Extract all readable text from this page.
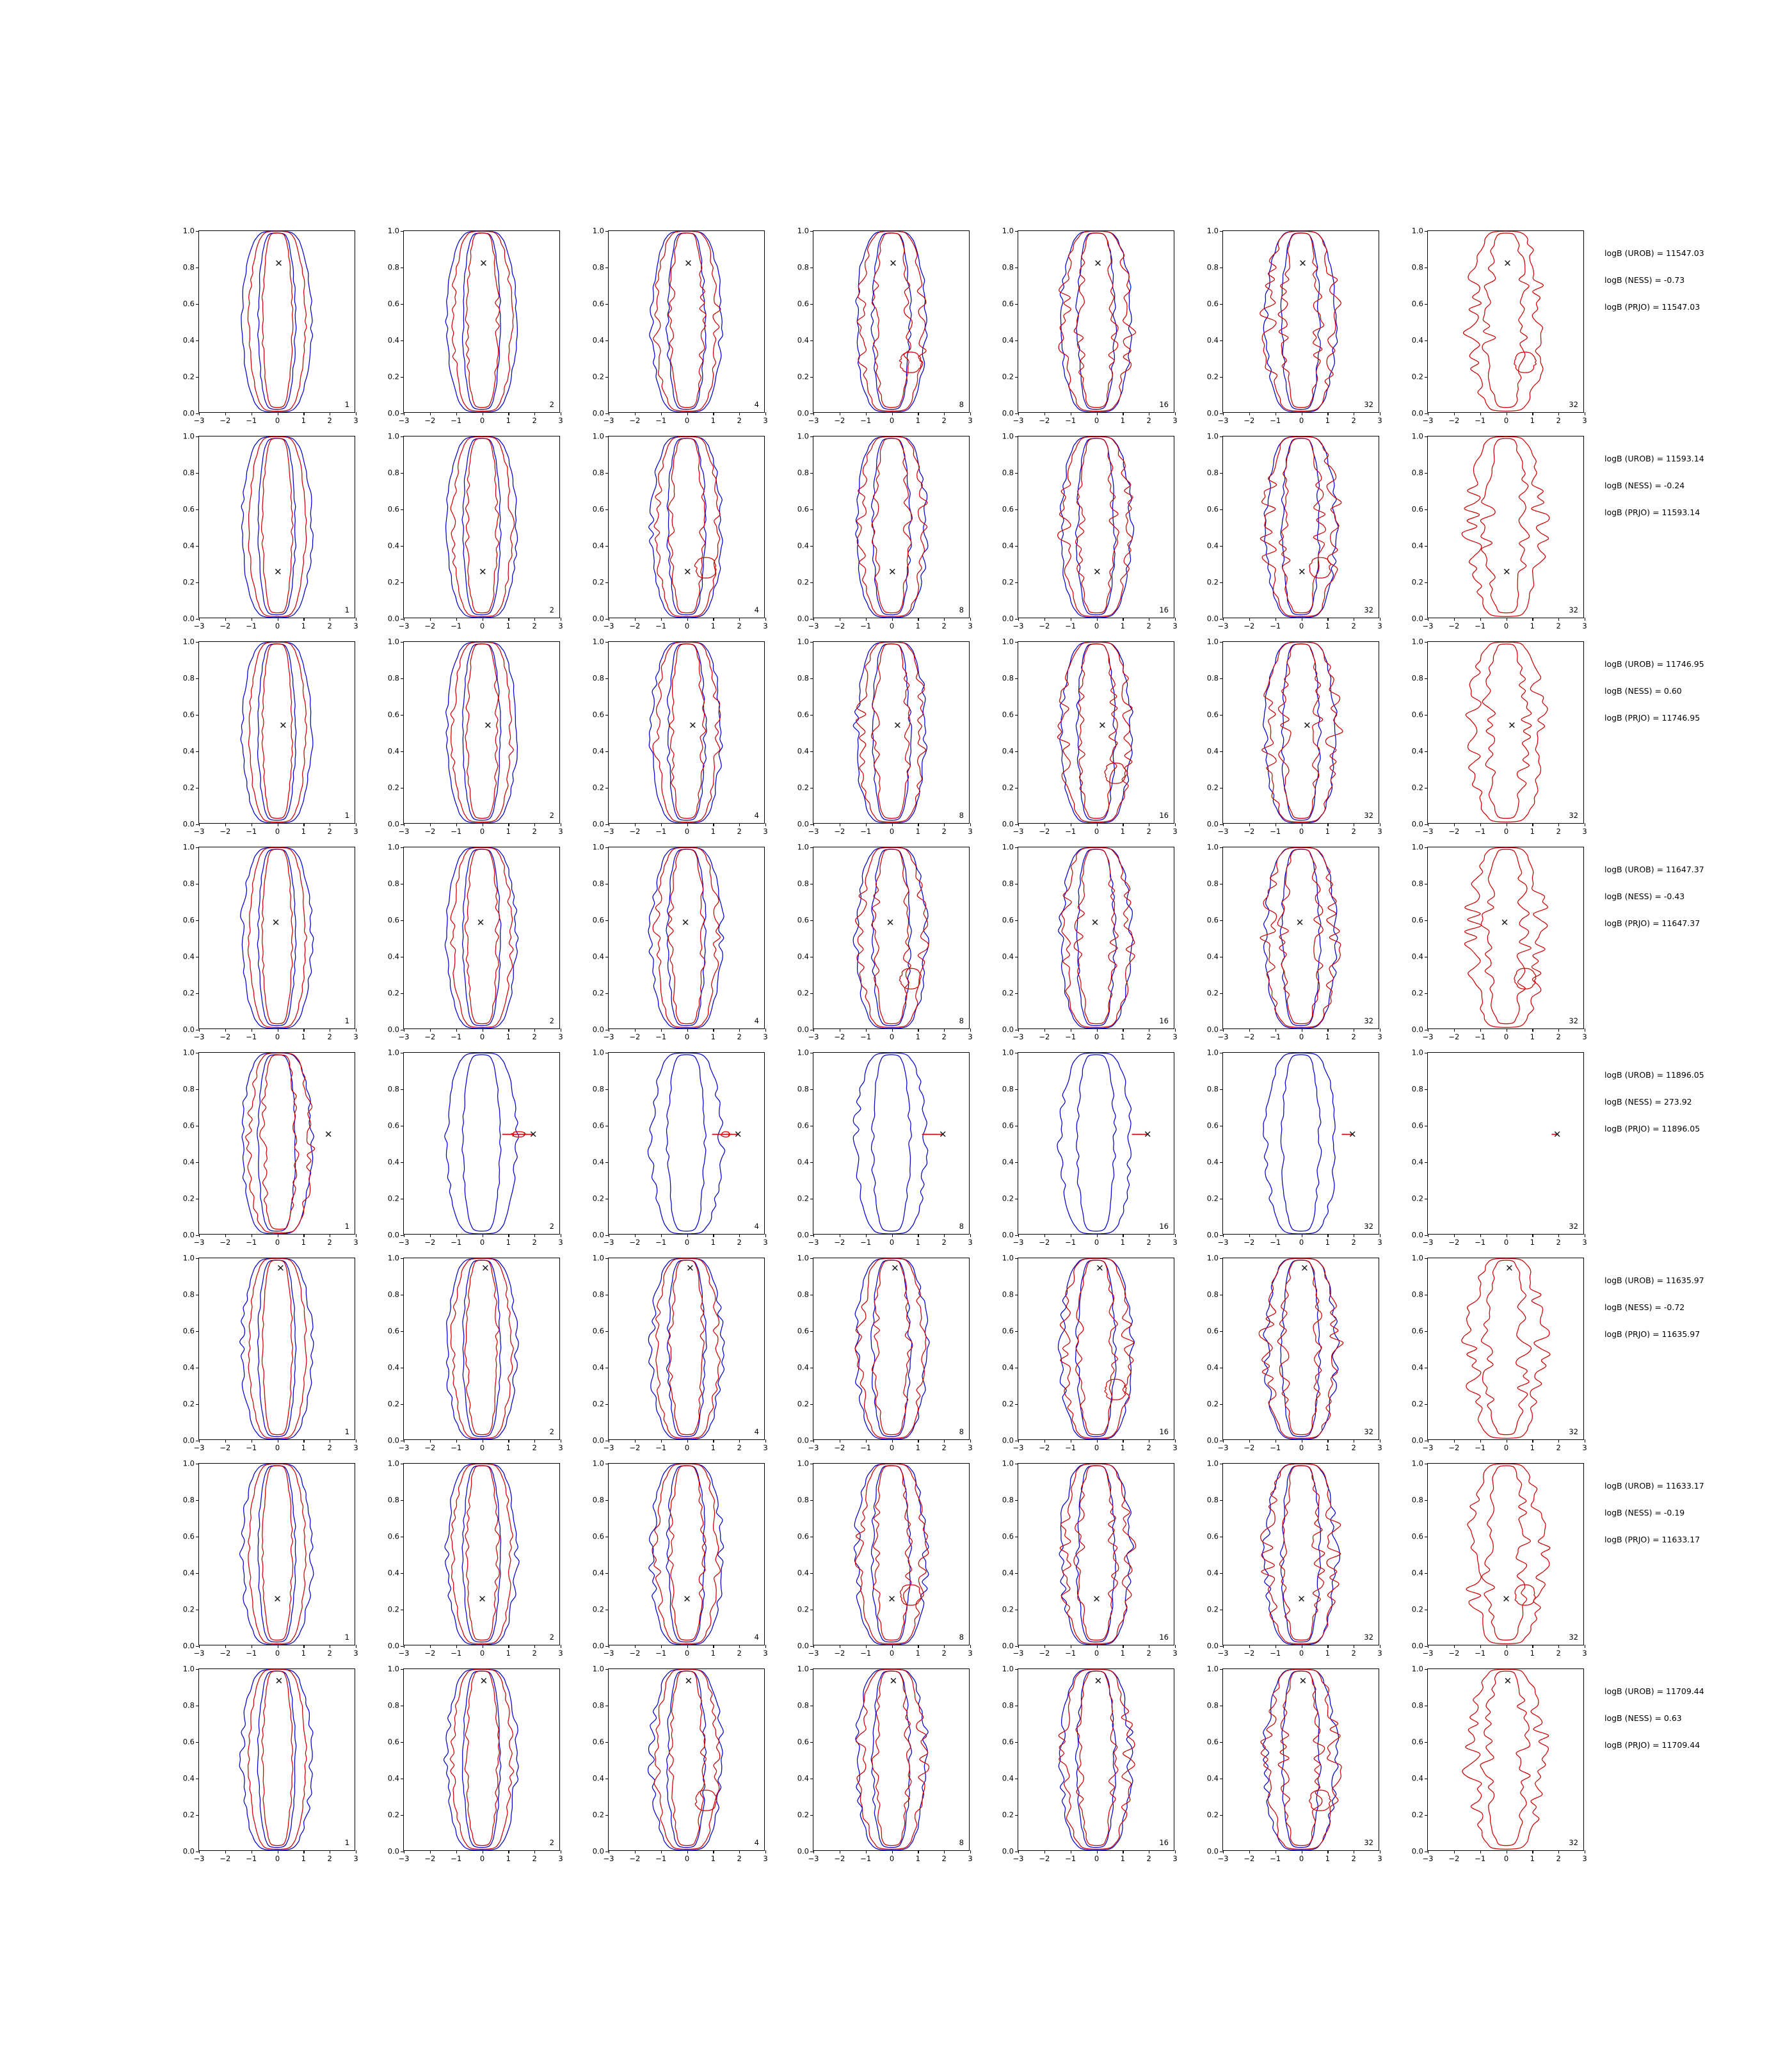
✕
0.0
0.2
0.4
0.6
0.8
1.0
−3 −2 −1 0	1	2	3
1
✕
0.0
0.2
0.4
0.6
0.8
1.0
−3 −2 −1 0	1	2	3
2
✕
0.0
0.2
0.4
0.6
0.8
1.0
−3 −2 −1 0	1	2	3
4
✕
0.0
0.2
0.4
0.6
0.8
1.0
−3 −2 −1 0	1	2	3
8
✕
0.0
0.2
0.4
0.6
0.8
1.0
−3 −2 −1 0	1	2	3
16
✕
0.0
0.2
0.4
0.6
0.8
1.0
−3 −2 −1 0	1	2	3
32
✕
0.0
0.2
0.4
0.6
0.8
1.0
−3 −2 −1 0	1	2	3
32
logB (UROB) = 11547.03
logB (NESS) = -0.73
logB (PRJO) = 11547.03
✕
0.0
0.2
0.4
0.6
0.8
1.0
−3 −2 −1 0	1	2	3
1
✕
0.0
0.2
0.4
0.6
0.8
1.0
−3 −2 −1 0	1	2	3
2
✕
0.0
0.2
0.4
0.6
0.8
1.0
−3 −2 −1 0	1	2	3
4
✕
0.0
0.2
0.4
0.6
0.8
1.0
−3 −2 −1 0	1	2	3
8
✕
0.0
0.2
0.4
0.6
0.8
1.0
−3 −2 −1 0	1	2	3
16
✕
0.0
0.2
0.4
0.6
0.8
1.0
−3 −2 −1 0	1	2	3
32
✕
0.0
0.2
0.4
0.6
0.8
1.0
−3 −2 −1 0	1	2	3
32
logB (UROB) = 11593.14
logB (NESS) = -0.24
logB (PRJO) = 11593.14
✕
0.0
0.2
0.4
0.6
0.8
1.0
−3 −2 −1 0	1	2	3
1
✕
0.0
0.2
0.4
0.6
0.8
1.0
−3 −2 −1 0	1	2	3
2
✕
0.0
0.2
0.4
0.6
0.8
1.0
−3 −2 −1 0	1	2	3
4
✕
0.0
0.2
0.4
0.6
0.8
1.0
−3 −2 −1 0	1	2	3
8
✕
0.0
0.2
0.4
0.6
0.8
1.0
−3 −2 −1 0	1	2	3
16
✕
0.0
0.2
0.4
0.6
0.8
1.0
−3 −2 −1 0	1	2	3
32
✕
0.0
0.2
0.4
0.6
0.8
1.0
−3 −2 −1 0	1	2	3
32
logB (UROB) = 11746.95
logB (NESS) = 0.60
logB (PRJO) = 11746.95
✕
0.0
0.2
0.4
0.6
0.8
1.0
−3 −2 −1 0	1	2	3
1
✕
0.0
0.2
0.4
0.6
0.8
1.0
−3 −2 −1 0	1	2	3
2
✕
0.0
0.2
0.4
0.6
0.8
1.0
−3 −2 −1 0	1	2	3
4
✕
0.0
0.2
0.4
0.6
0.8
1.0
−3 −2 −1 0	1	2	3
8
✕
0.0
0.2
0.4
0.6
0.8
1.0
−3 −2 −1 0	1	2	3
16
✕
0.0
0.2
0.4
0.6
0.8
1.0
−3 −2 −1 0	1	2	3
32
✕
0.0
0.2
0.4
0.6
0.8
1.0
−3 −2 −1 0	1	2	3
32
logB (UROB) = 11647.37
logB (NESS) = -0.43
logB (PRJO) = 11647.37
✕
0.0
0.2
0.4
0.6
0.8
1.0
−3 −2 −1 0	1	2	3
1
✕
0.0
0.2
0.4
0.6
0.8
1.0
−3 −2 −1 0	1	2	3
2
✕
0.0
0.2
0.4
0.6
0.8
1.0
−3 −2 −1 0	1	2	3
4
✕
0.0
0.2
0.4
0.6
0.8
1.0
−3 −2 −1 0	1	2	3
8
✕
0.0
0.2
0.4
0.6
0.8
1.0
−3 −2 −1 0	1	2	3
16
✕
0.0
0.2
0.4
0.6
0.8
1.0
−3 −2 −1 0	1	2	3
32
✕
0.0
0.2
0.4
0.6
0.8
1.0
−3 −2 −1 0	1	2	3
32
logB (UROB) = 11896.05
logB (NESS) = 273.92
logB (PRJO) = 11896.05
✕
0.0
0.2
0.4
0.6
0.8
1.0
−3 −2 −1 0	1	2	3
1
✕
0.0
0.2
0.4
0.6
0.8
1.0
−3 −2 −1 0	1	2	3
2
✕
0.0
0.2
0.4
0.6
0.8
1.0
−3 −2 −1 0	1	2	3
4
✕
0.0
0.2
0.4
0.6
0.8
1.0
−3 −2 −1 0	1	2	3
8
✕
0.0
0.2
0.4
0.6
0.8
1.0
−3 −2 −1 0	1	2	3
16
✕
0.0
0.2
0.4
0.6
0.8
1.0
−3 −2 −1 0	1	2	3
32
✕
0.0
0.2
0.4
0.6
0.8
1.0
−3 −2 −1 0	1	2	3
32
logB (UROB) = 11635.97
logB (NESS) = -0.72
logB (PRJO) = 11635.97
✕
0.0
0.2
0.4
0.6
0.8
1.0
−3 −2 −1 0	1	2	3
1
✕
0.0
0.2
0.4
0.6
0.8
1.0
−3 −2 −1 0	1	2	3
2
✕
0.0
0.2
0.4
0.6
0.8
1.0
−3 −2 −1 0	1	2	3
4
✕
0.0
0.2
0.4
0.6
0.8
1.0
−3 −2 −1 0	1	2	3
8
✕
0.0
0.2
0.4
0.6
0.8
1.0
−3 −2 −1 0	1	2	3
16
✕
0.0
0.2
0.4
0.6
0.8
1.0
−3 −2 −1 0	1	2	3
32
✕
0.0
0.2
0.4
0.6
0.8
1.0
−3 −2 −1 0	1	2	3
32
logB (UROB) = 11633.17
logB (NESS) = -0.19
logB (PRJO) = 11633.17
✕
0.0
0.2
0.4
0.6
0.8
1.0
−3 −2 −1 0	1	2	3
1
✕
0.0
0.2
0.4
0.6
0.8
1.0
−3 −2 −1 0	1	2	3
2
✕
0.0
0.2
0.4
0.6
0.8
1.0
−3 −2 −1 0	1	2	3
4
✕
0.0
0.2
0.4
0.6
0.8
1.0
−3 −2 −1 0	1	2	3
8
✕
0.0
0.2
0.4
0.6
0.8
1.0
−3 −2 −1 0	1	2	3
16
✕
0.0
0.2
0.4
0.6
0.8
1.0
−3 −2 −1 0	1	2	3
32
✕
0.0
0.2
0.4
0.6
0.8
1.0
−3 −2 −1 0	1	2	3
32
logB (UROB) = 11709.44
logB (NESS) = 0.63
logB (PRJO) = 11709.44
